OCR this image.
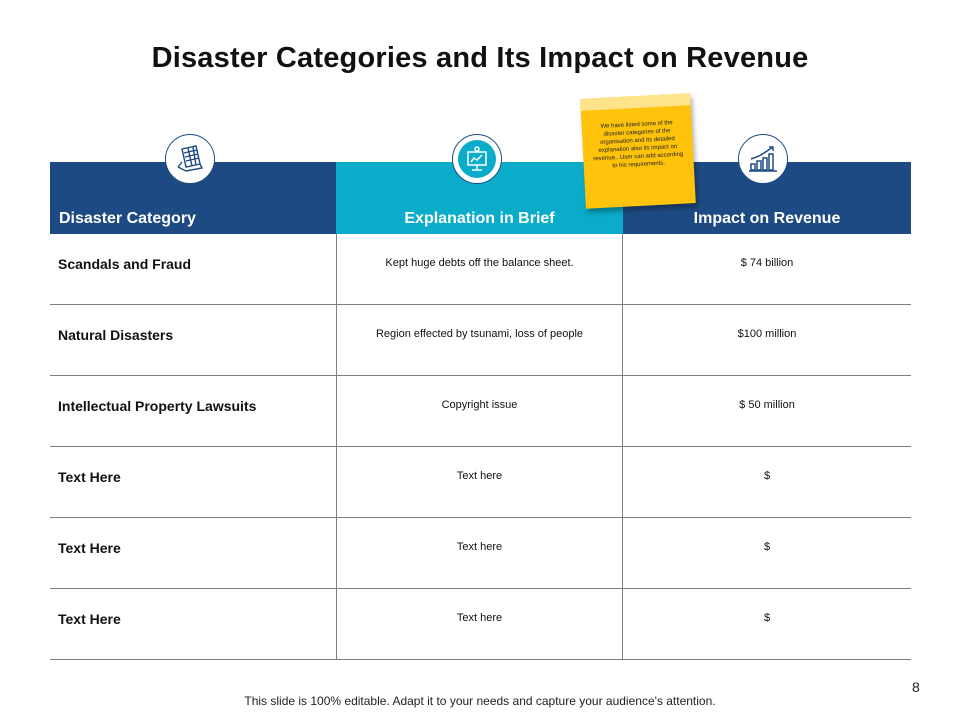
Disaster Categories and Its Impact on Revenue
Disaster Category	Explanation in Brief	Impact on Revenue
We have listed some of the disaster categories of the organisation and its detailed explanation also its impact on revenue.. User can add according to his requirements.
Scandals and Fraud	Kept huge debts off the balance sheet.	$ 74 billion
Natural Disasters	Region effected by tsunami, loss of people	$100 million
Intellectual Property Lawsuits	Copyright issue	$ 50 million
Text Here	Text here	$
Text Here	Text here	$
Text Here	Text here	$
This slide is 100% editable. Adapt it to your needs and capture your audience's attention.
8
